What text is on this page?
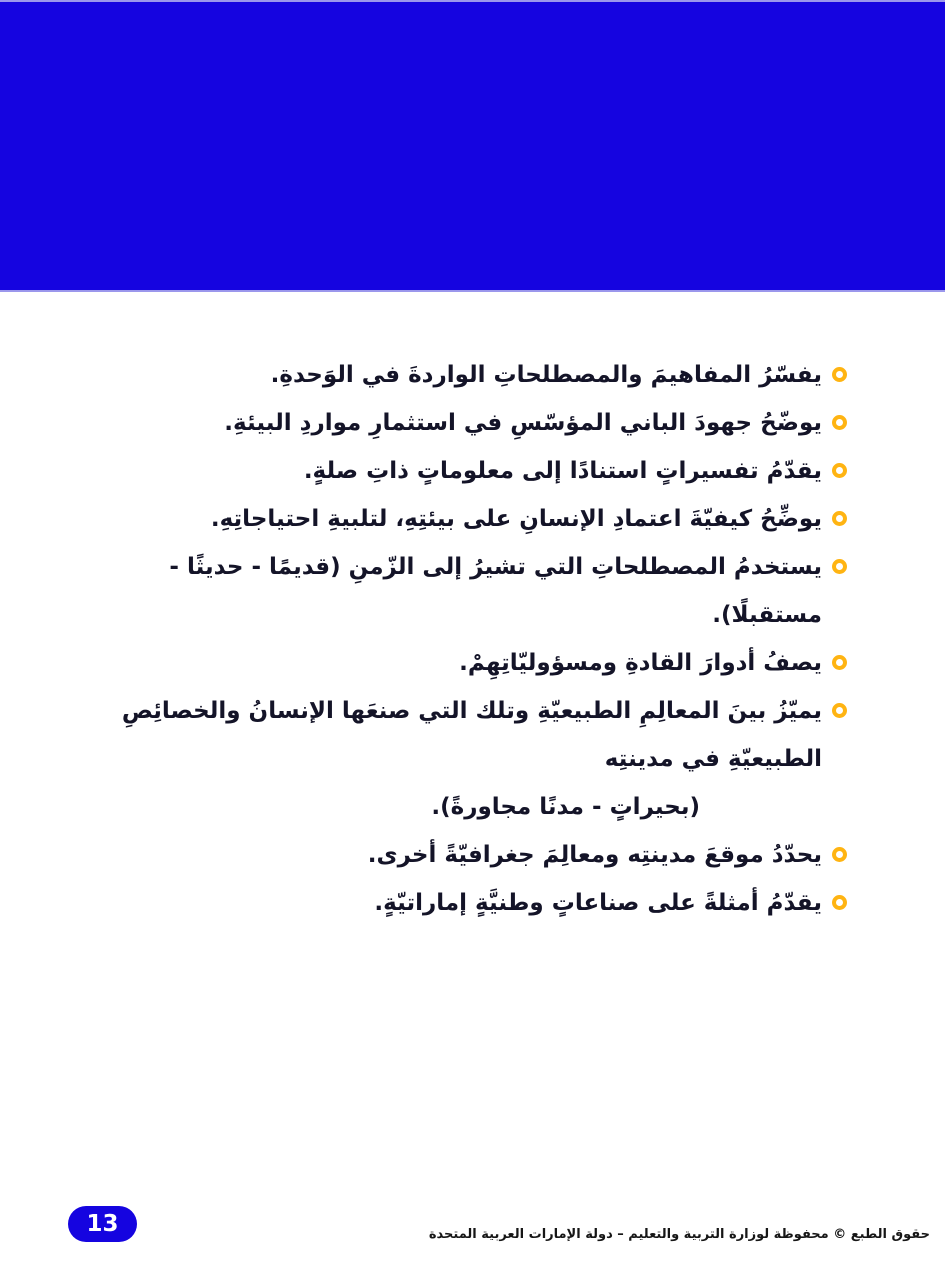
يفسّرُ المفاهيمَ والمصطلحاتِ الواردةَ في الوَحدةِ.
يوضّحُ جهودَ الباني المؤسّسِ في استثمارِ مواردِ البيئةِ.
يقدّمُ تفسيراتٍ استنادًا إلى معلوماتٍ ذاتِ صلةٍ.
يوضِّحُ كيفيّةَ اعتمادِ الإنسانِ على بيئتِهِ، لتلبيةِ احتياجاتِهِ.
يستخدمُ المصطلحاتِ التي تشيرُ إلى الزّمنِ (قديمًا - حديثًا - مستقبلًا).
يصفُ أدوارَ القادةِ ومسؤوليّاتِهِمْ.
يميّزُ بينَ المعالِمِ الطبيعيّةِ وتلك التي صنعَها الإنسانُ والخصائِصِ الطبيعيّةِ في مدينتِه
(بحيراتٍ - مدنًا مجاورةً).
يحدّدُ موقعَ مدينتِه ومعالِمَ جغرافيّةً أخرى.
يقدّمُ أمثلةً على صناعاتٍ وطنيَّةٍ إماراتيّةٍ.
13	حقوق الطبع © محفوظة لوزارة التربية والتعليم – دولة الإمارات العربية المتحدة
